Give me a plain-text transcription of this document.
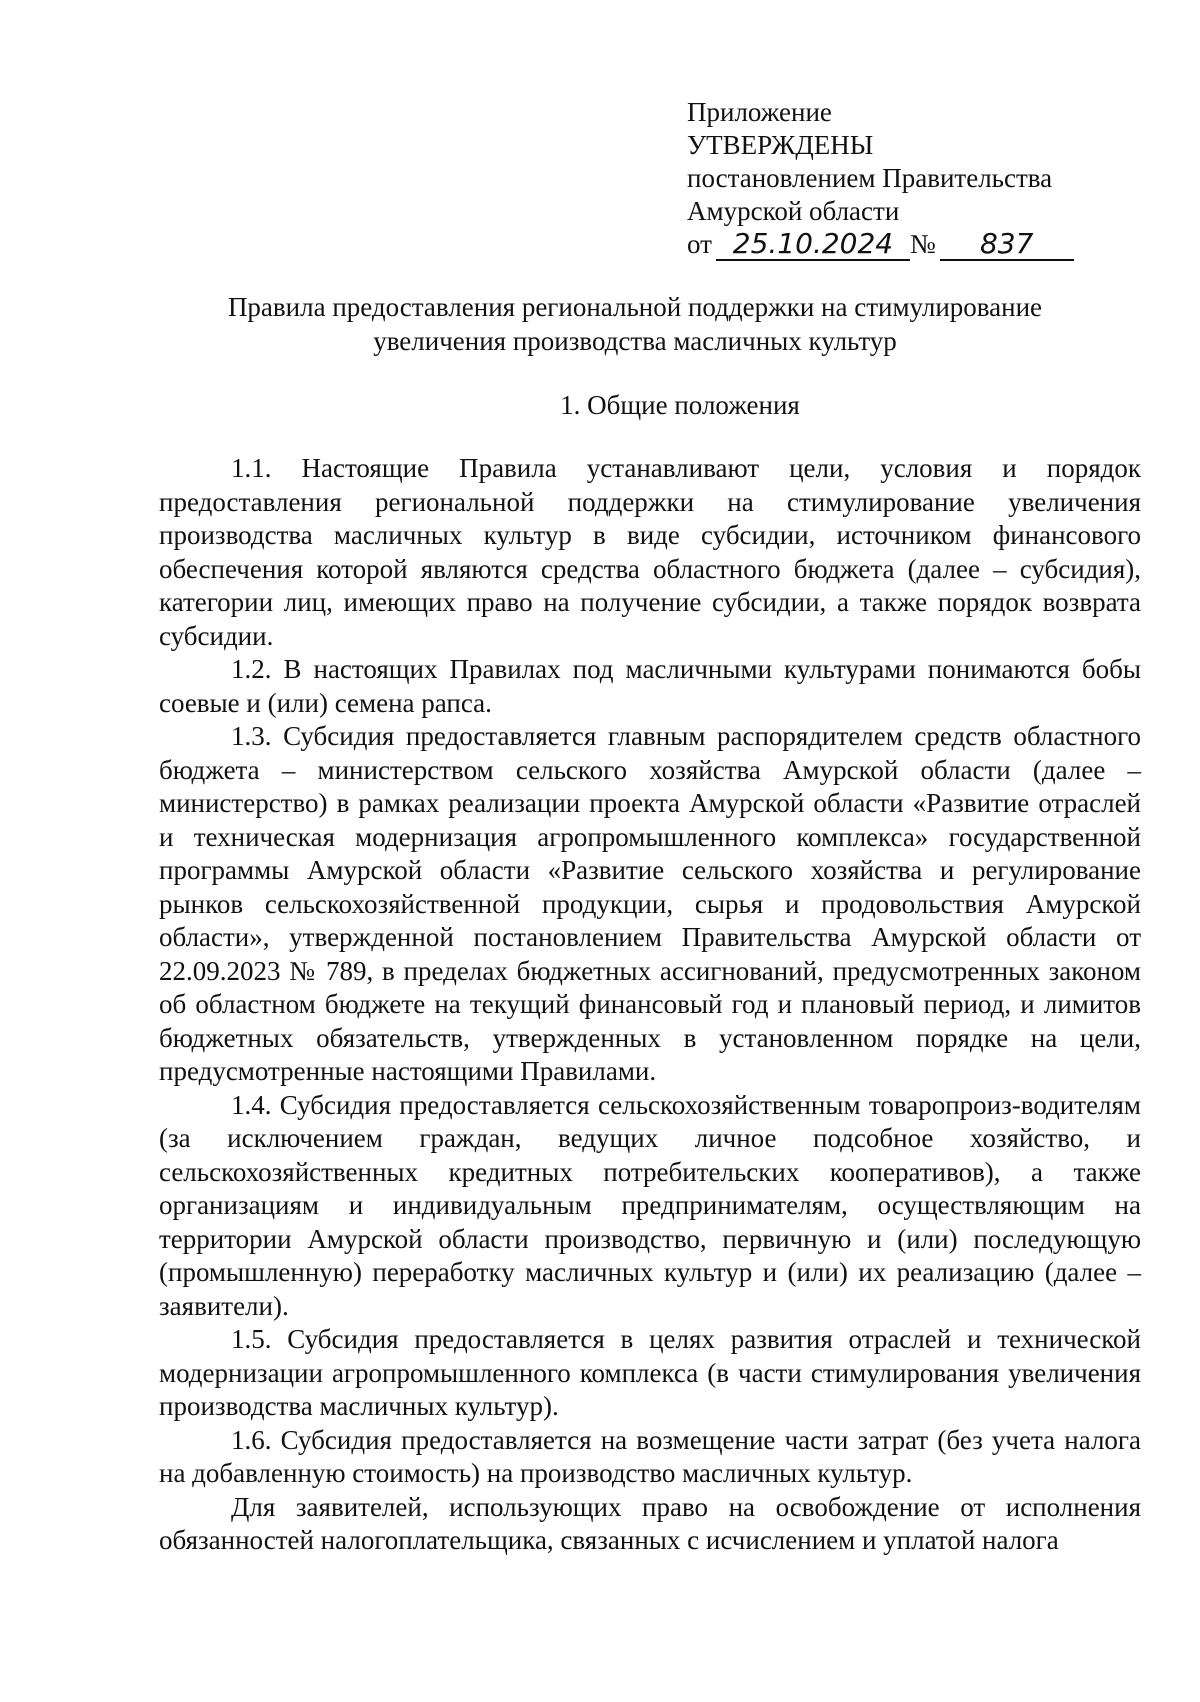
Приложение
УТВЕРЖДЕНЫ
постановлением Правительства
Амурской области
от 25.10.2024 №	837
Правила предоставления региональной поддержки на стимулирование
увеличения производства масличных культур
1. Общие положения

1.1. Настоящие Правила устанавливают цели, условия и порядок предоставления региональной поддержки на стимулирование увеличения производства масличных культур в виде субсидии, источником финансового обеспечения которой являются средства областного бюджета (далее – субсидия), категории лиц, имеющих право на получение субсидии, а также порядок возврата субсидии.

1.2. В настоящих Правилах под масличными культурами понимаются бобы соевые и (или) семена рапса.

1.3. Субсидия предоставляется главным распорядителем средств областного бюджета – министерством сельского хозяйства Амурской области (далее – министерство) в рамках реализации проекта Амурской области «Развитие отраслей и техническая модернизация агропромышленного комплекса» государственной программы Амурской области «Развитие сельского хозяйства и регулирование рынков сельскохозяйственной продукции, сырья и продовольствия Амурской области», утвержденной постановлением Правительства Амурской области от 22.09.2023 № 789, в пределах бюджетных ассигнований, предусмотренных законом об областном бюджете на текущий финансовый год и плановый период, и лимитов бюджетных обязательств, утвержденных в установленном порядке на цели, предусмотренные настоящими Правилами.

1.4. Субсидия предоставляется сельскохозяйственным товаропроиз-водителям (за исключением граждан, ведущих личное подсобное хозяйство, и сельскохозяйственных кредитных потребительских кооперативов), а также организациям и индивидуальным предпринимателям, осуществляющим на территории Амурской области производство, первичную и (или) последующую (промышленную) переработку масличных культур и (или) их реализацию (далее – заявители).

1.5. Субсидия предоставляется в целях развития отраслей и технической модернизации агропромышленного комплекса (в части стимулирования увеличения производства масличных культур).

1.6. Субсидия предоставляется на возмещение части затрат (без учета налога на добавленную стоимость) на производство масличных культур.

Для заявителей, использующих право на освобождение от исполнения обязанностей налогоплательщика, связанных с исчислением и уплатой налога
